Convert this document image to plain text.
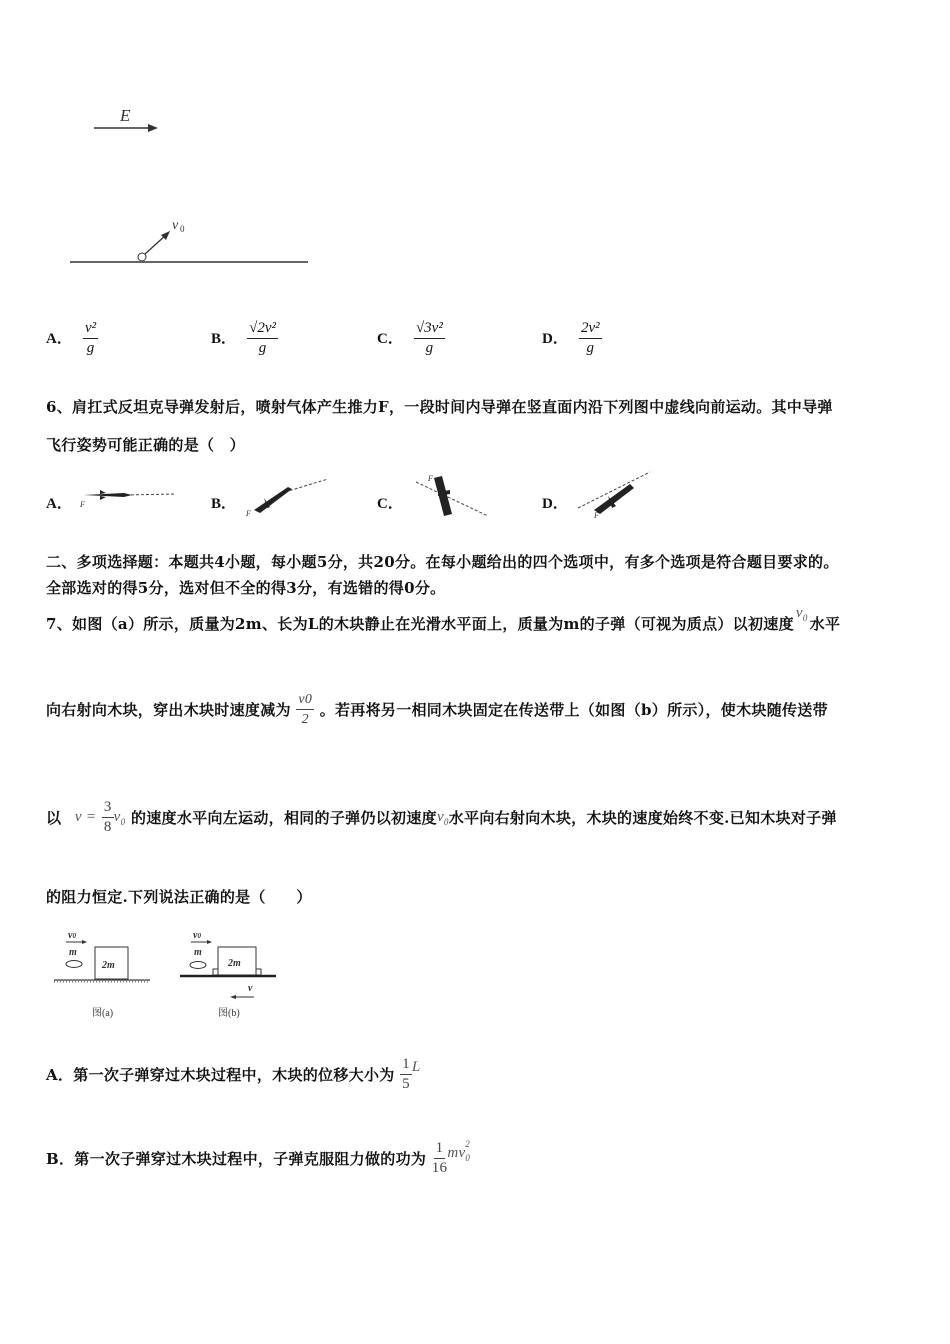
E
v 0
A． $\frac{\text{v²}}{g}$	B． $\frac{\text{√2v²}}{g}$	C． $\frac{\text{√3v²}}{g}$	D． $\frac{\text{2v²}}{g}$
6、肩扛式反坦克导弹发射后，喷射气体产生推力F，一段时间内导弹在竖直面内沿下列图中虚线向前运动。其中导弹
飞行姿势可能正确的是（　）
A． F	B．
F
C．
F
D．
F
二、多项选择题：本题共4小题，每小题5分，共20分。在每小题给出的四个选项中，有多个选项是符合题目要求的。
全部选对的得5分，选对但不全的得3分，有选错的得0分。
7、如图（a）所示，质量为2m、长为L的木块静止在光滑水平面上，质量为m的子弹（可视为质点）以初速度$v_0$ 水平
向右射向木块，穿出木块时速度减为 $\frac{v0}{2}$ 。若再将另一相同木块固定在传送带上（如图（b）所示），使木块随传送带
以 $v = \frac{3}{8} v_0$ 的速度水平向左运动，相同的子弹仍以初速度$v_0$水平向右射向木块，木块的速度始终不变.已知木块对子弹
的阻力恒定.下列说法正确的是（　　）
v0
m
2m
图(a)
v0
m
2m
v
图(b)
A．第一次子弹穿过木块过程中，木块的位移大小为 $\frac{1}{5}$ L
B．第一次子弹穿过木块过程中，子弹克服阻力做的功为 $\frac{1}{16} mv_0^2$
